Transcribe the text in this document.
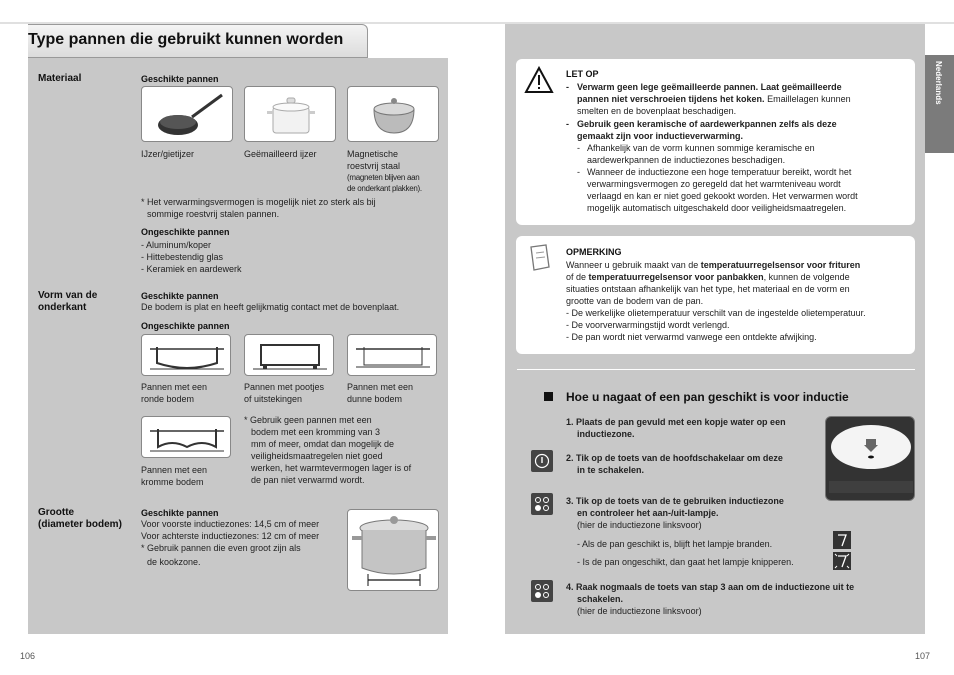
Type pannen die gebruikt kunnen worden
Materiaal	Geschikte pannen
IJzer/gietijzer	Geëmailleerd ijzer	Magnetische
roestvrij staal
(magneten blijven aan
de onderkant plakken).
* Het verwarmingsvermogen is mogelijk niet zo sterk als bij
sommige roestvrij stalen pannen.
Ongeschikte pannen
- Aluminum/koper
- Hittebestendig glas
- Keramiek en aardewerk
Vorm van de
onderkant
Geschikte pannen
De bodem is plat en heeft gelijkmatig contact met de bovenplaat.
Ongeschikte pannen
Pannen met een
ronde bodem
Pannen met pootjes
of uitstekingen
Pannen met een
dunne bodem
Pannen met een
kromme bodem
* Gebruik geen pannen met een
bodem met een kromming van 3
mm of meer, omdat dan mogelijk de
veiligheidsmaatregelen niet goed
werken, het warmtevermogen lager is of
de pan niet verwarmd wordt.
Grootte
(diameter bodem)
Geschikte pannen
Voor voorste inductiezones: 14,5 cm of meer
Voor achterste inductiezones: 12 cm of meer
* Gebruik pannen die even groot zijn als
de kookzone.
106
Nederlands
LET OP
- Verwarm geen lege geëmailleerde pannen. Laat geëmailleerde
pannen niet verschroeien tijdens het koken. Emaillelagen kunnen
smelten en de bovenplaat beschadigen.
- Gebruik geen keramische of aardewerkpannen zelfs als deze
gemaakt zijn voor inductieverwarming.
- Afhankelijk van de vorm kunnen sommige keramische en
aardewerkpannen de inductiezones beschadigen.
- Wanneer de inductiezone een hoge temperatuur bereikt, wordt het
verwarmingsvermogen zo geregeld dat het warmteniveau wordt
verlaagd en kan er niet goed gekookt worden. Het verwarmen wordt
mogelijk automatisch uitgeschakeld door veiligheidsmaatregelen.
OPMERKING
Wanneer u gebruik maakt van de temperatuurregelsensor voor frituren
of de temperatuurregelsensor voor panbakken, kunnen de volgende
situaties ontstaan afhankelijk van het type, het materiaal en de vorm en
grootte van de bodem van de pan.
- De werkelijke olietemperatuur verschilt van de ingestelde olietemperatuur.
- De voorverwarmingstijd wordt verlengd.
- De pan wordt niet verwarmd vanwege een ontdekte afwijking.
Hoe u nagaat of een pan geschikt is voor inductie
1. Plaats de pan gevuld met een kopje water op een
inductiezone.
2. Tik op de toets van de hoofdschakelaar om deze
in te schakelen.
3. Tik op de toets van de te gebruiken inductiezone
en controleer het aan-/uit-lampje.
(hier de inductiezone linksvoor)
- Als de pan geschikt is, blijft het lampje branden.
- Is de pan ongeschikt, dan gaat het lampje knipperen.
4. Raak nogmaals de toets van stap 3 aan om de inductiezone uit te
schakelen.
(hier de inductiezone linksvoor)
107
